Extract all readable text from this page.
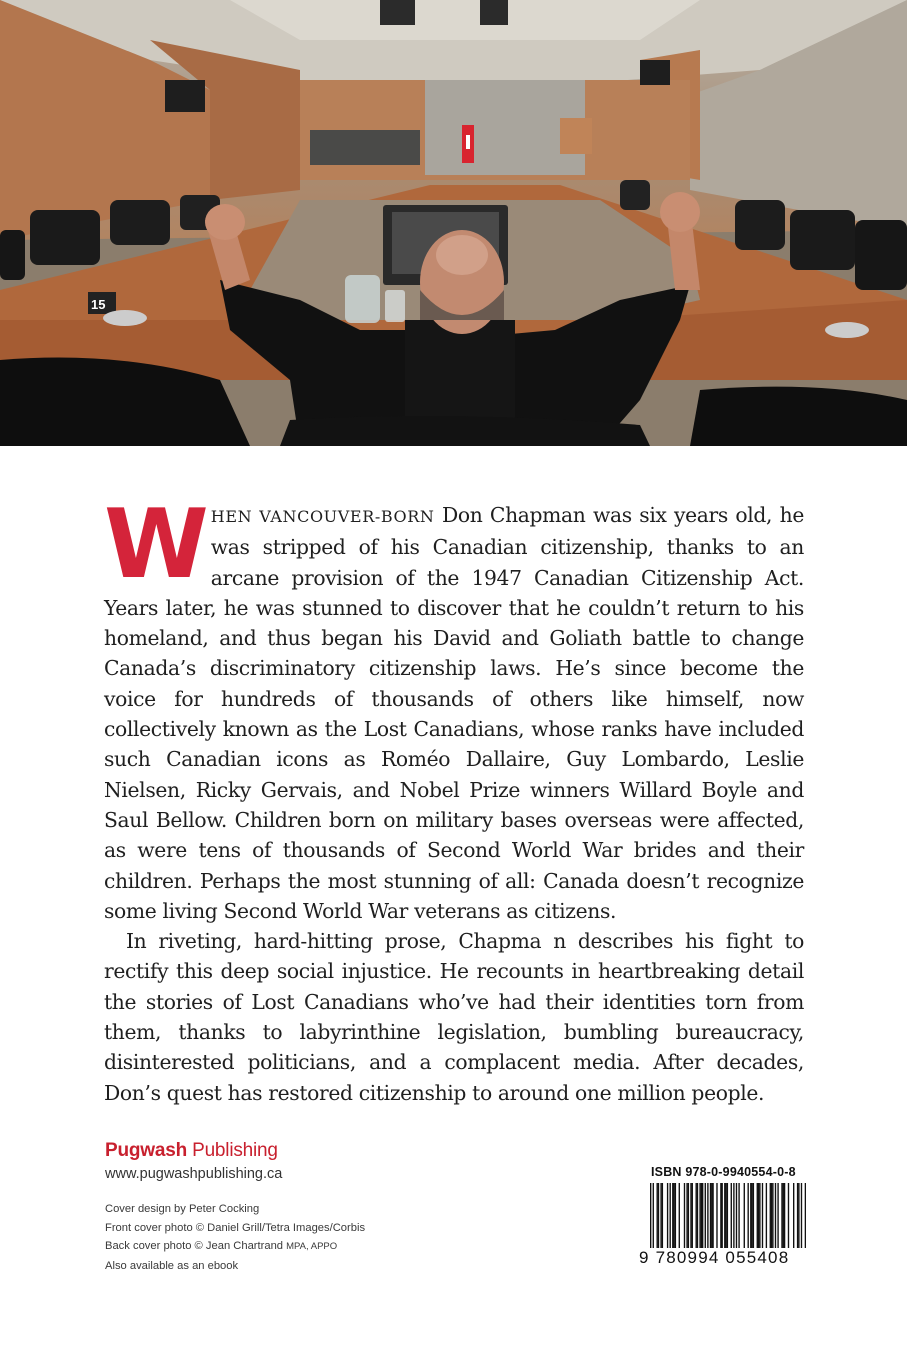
15

WHEN VANCOUVER-BORN Don Chapman was six years old, he was stripped of his Canadian citizenship, thanks to an arcane provision of the 1947 Canadian Citizenship Act. Years later, he was stunned to discover that he couldn’t return to his homeland, and thus began his David and Goliath battle to change Canada’s discriminatory citizenship laws. He’s since become the voice for hundreds of thousands of others like himself, now collectively known as the Lost Canadians, whose ranks have included such Canadian icons as Roméo Dallaire, Guy Lombardo, Leslie Nielsen, Ricky Gervais, and Nobel Prize winners Willard Boyle and Saul Bellow. Children born on military bases overseas were affected, as were tens of thousands of Second World War brides and their children. Perhaps the most stunning of all: Canada doesn’t recognize some living Second World War veterans as citizens.

In riveting, hard-hitting prose, Chapma n describes his fight to rectify this deep social injustice. He recounts in heartbreaking detail the stories of Lost Canadians who’ve had their identities torn from them, thanks to labyrinthine legislation, bumbling bureaucracy, disinterested politicians, and a complacent media. After decades, Don’s quest has restored citizenship to around one million people.

Pugwash Publishing
www.pugwashpublishing.ca
Cover design by Peter Cocking
Front cover photo © Daniel Grill/Tetra Images/Corbis
Back cover photo © Jean Chartrand MPA, APPO
Also available as an ebook
ISBN 978-0-9940554-0-8
9 780994 055408
